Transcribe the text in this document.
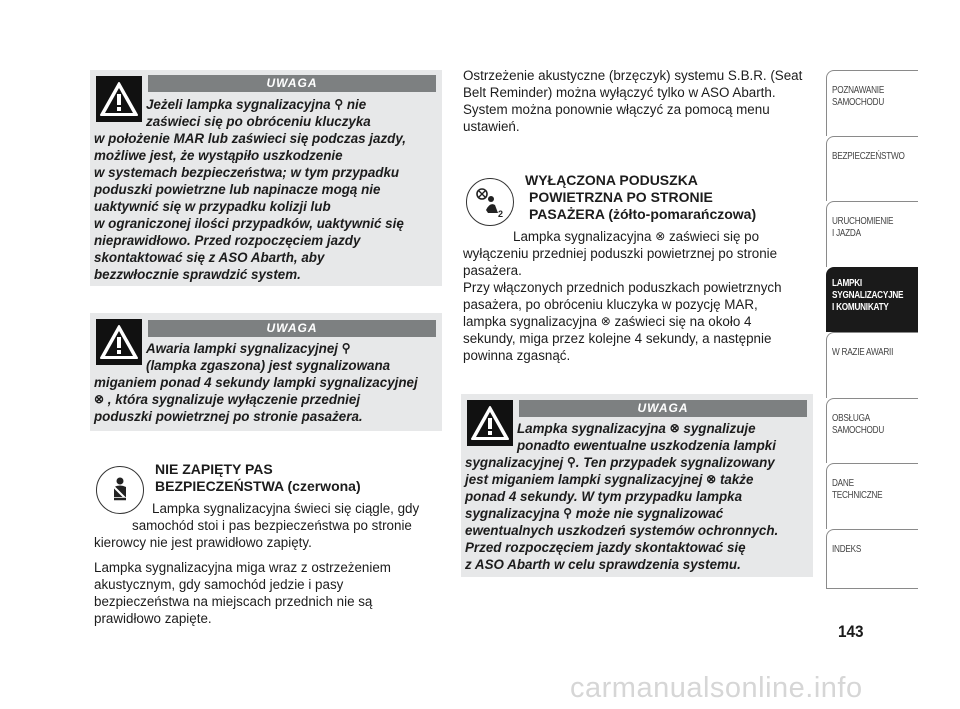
UWAGA
Jeżeli lampka sygnalizacyjna ⚲ nie
zaświeci się po obróceniu kluczyka
w położenie MAR lub zaświeci się podczas jazdy,
możliwe jest, że wystąpiło uszkodzenie
w systemach bezpieczeństwa; w tym przypadku
poduszki powietrzne lub napinacze mogą nie
uaktywnić się w przypadku kolizji lub
w ograniczonej ilości przypadków, uaktywnić się
nieprawidłowo. Przed rozpoczęciem jazdy
skontaktować się z ASO Abarth, aby
bezzwłocznie sprawdzić system.
UWAGA
Awaria lampki sygnalizacyjnej ⚲
(lampka zgaszona) jest sygnalizowana
miganiem ponad 4 sekundy lampki sygnalizacyjnej
⊗ , która sygnalizuje wyłączenie przedniej
poduszki powietrznej po stronie pasażera.
NIE ZAPIĘTY PAS
BEZPIECZEŃSTWA (czerwona)
Lampka sygnalizacyjna świeci się ciągle, gdy
samochód stoi i pas bezpieczeństwa po stronie
kierowcy nie jest prawidłowo zapięty.
Lampka sygnalizacyjna miga wraz z ostrzeżeniem
akustycznym, gdy samochód jedzie i pasy
bezpieczeństwa na miejscach przednich nie są
prawidłowo zapięte.
Ostrzeżenie akustyczne (brzęczyk) systemu S.B.R. (Seat
Belt Reminder) można wyłączyć tylko w ASO Abarth.
System można ponownie włączyć za pomocą menu
ustawień.
2
WYŁĄCZONA PODUSZKA
POWIETRZNA PO STRONIE
PASAŻERA (żółto-pomarańczowa)
Lampka sygnalizacyjna ⊗ zaświeci się po
wyłączeniu przedniej poduszki powietrznej po stronie
pasażera.
Przy włączonych przednich poduszkach powietrznych
pasażera, po obróceniu kluczyka w pozycję MAR,
lampka sygnalizacyjna ⊗ zaświeci się na około 4
sekundy, miga przez kolejne 4 sekundy, a następnie
powinna zgasnąć.
UWAGA
Lampka sygnalizacyjna ⊗ sygnalizuje
ponadto ewentualne uszkodzenia lampki
sygnalizacyjnej ⚲. Ten przypadek sygnalizowany
jest miganiem lampki sygnalizacyjnej ⊗ także
ponad 4 sekundy. W tym przypadku lampka
sygnalizacyjna ⚲ może nie sygnalizować
ewentualnych uszkodzeń systemów ochronnych.
Przed rozpoczęciem jazdy skontaktować się
z ASO Abarth w celu sprawdzenia systemu.
POZNAWANIE
SAMOCHODU
BEZPIECZEŃSTWO
URUCHOMIENIE
I JAZDA
LAMPKI
SYGNALIZACYJNE
I KOMUNIKATY
W RAZIE AWARII
OBSŁUGA
SAMOCHODU
DANE
TECHNICZNE
INDEKS
143
carmanualsonline.info
